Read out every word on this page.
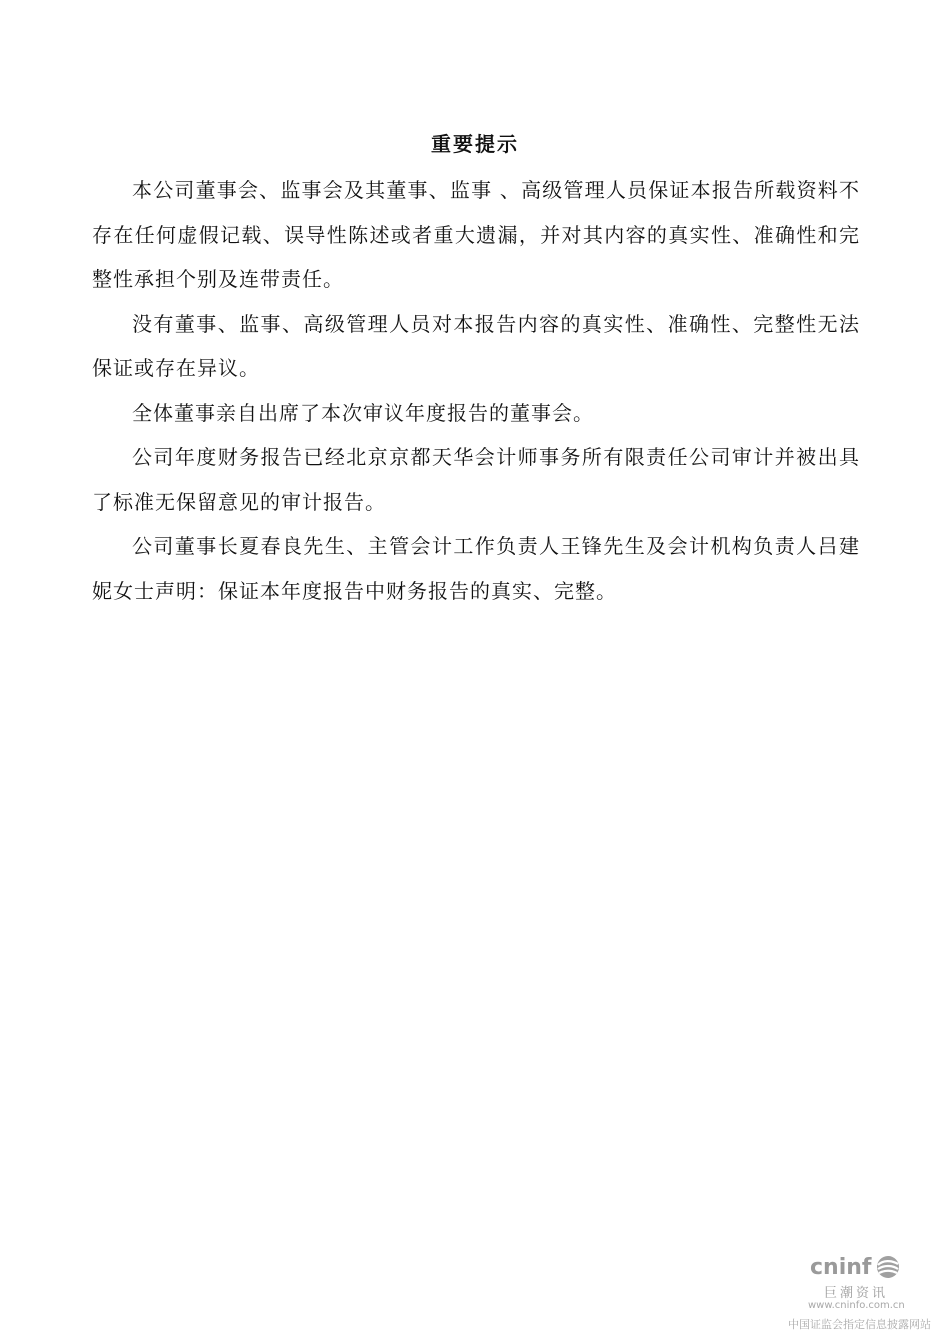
重要提示

本公司董事会、监事会及其董事、监事 、高级管理人员保证本报告所载资料不存在任何虚假记载、误导性陈述或者重大遗漏，并对其内容的真实性、准确性和完整性承担个别及连带责任。

没有董事、监事、高级管理人员对本报告内容的真实性、准确性、完整性无法保证或存在异议。

全体董事亲自出席了本次审议年度报告的董事会。

公司年度财务报告已经北京京都天华会计师事务所有限责任公司审计并被出具了标准无保留意见的审计报告。

公司董事长夏春良先生、主管会计工作负责人王锋先生及会计机构负责人吕建妮女士声明：保证本年度报告中财务报告的真实、完整。

cninf
巨潮资讯
www.cninfo.com.cn
中国证监会指定信息披露网站
